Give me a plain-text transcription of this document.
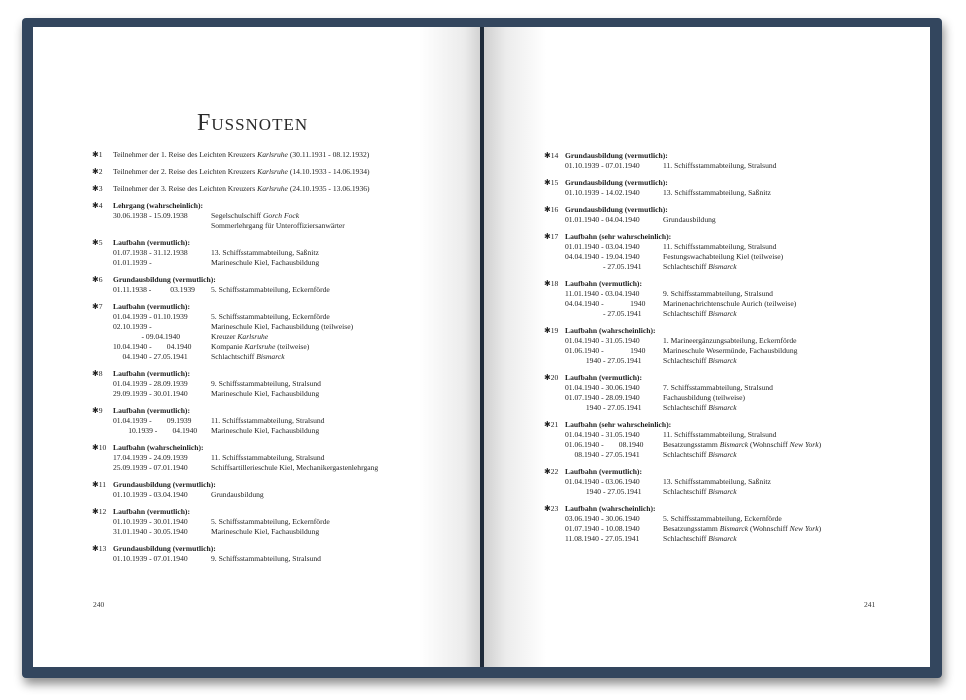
Fussnoten
✱1 Teilnehmer der 1. Reise des Leichten Kreuzers Karlsruhe (30.11.1931 - 08.12.1932)
✱2 Teilnehmer der 2. Reise des Leichten Kreuzers Karlsruhe (14.10.1933 - 14.06.1934)
✱3 Teilnehmer der 3. Reise des Leichten Kreuzers Karlsruhe (24.10.1935 - 13.06.1936)
✱4 Lehrgang (wahrscheinlich):
30.06.1938 - 15.09.1938	Segelschulschiff Gorch Fock
Sommerlehrgang für Unteroffiziersanwärter
✱5 Laufbahn (vermutlich):
01.07.1938 - 31.12.1938	13. Schiffsstammabteilung, Saßnitz
01.01.1939 -	Marineschule Kiel, Fachausbildung
✱6 Grundausbildung (vermutlich):
01.11.1938 -          03.1939	5. Schiffsstammabteilung, Eckernförde
✱7 Laufbahn (vermutlich):
01.04.1939 - 01.10.1939	5. Schiffsstammabteilung, Eckernförde
02.10.1939 -	Marineschule Kiel, Fachausbildung (teilweise)
- 09.04.1940	Kreuzer Karlsruhe
10.04.1940 -        04.1940	Kompanie Karlsruhe (teilweise)
04.1940 - 27.05.1941	Schlachtschiff Bismarck
✱8 Laufbahn (vermutlich):
01.04.1939 - 28.09.1939	9. Schiffsstammabteilung, Stralsund
29.09.1939 - 30.01.1940	Marineschule Kiel, Fachausbildung
✱9 Laufbahn (vermutlich):
01.04.1939 -        09.1939	11. Schiffsstammabteilung, Stralsund
10.1939 -        04.1940	Marineschule Kiel, Fachausbildung
✱10 Laufbahn (wahrscheinlich):
17.04.1939 - 24.09.1939	11. Schiffsstammabteilung, Stralsund
25.09.1939 - 07.01.1940	Schiffsartillerieschule Kiel, Mechanikergastenlehrgang
✱11 Grundausbildung (vermutlich):
01.10.1939 - 03.04.1940	Grundausbildung
✱12 Laufbahn (vermutlich):
01.10.1939 - 30.01.1940	5. Schiffsstammabteilung, Eckernförde
31.01.1940 - 30.05.1940	Marineschule Kiel, Fachausbildung
✱13 Grundausbildung (vermutlich):
01.10.1939 - 07.01.1940	9. Schiffsstammabteilung, Stralsund
✱14 Grundausbildung (vermutlich):
01.10.1939 - 07.01.1940	11. Schiffsstammabteilung, Stralsund
✱15 Grundausbildung (vermutlich):
01.10.1939 - 14.02.1940	13. Schiffsstammabteilung, Saßnitz
✱16 Grundausbildung (vermutlich):
01.01.1940 - 04.04.1940	Grundausbildung
✱17 Laufbahn (sehr wahrscheinlich):
01.01.1940 - 03.04.1940	11. Schiffsstammabteilung, Stralsund
04.04.1940 - 19.04.1940	Festungswachabteilung Kiel (teilweise)
- 27.05.1941	Schlachtschiff Bismarck
✱18 Laufbahn (vermutlich):
11.01.1940 - 03.04.1940	9. Schiffsstammabteilung, Stralsund
04.04.1940 -              1940	Marinenachrichtenschule Aurich (teilweise)
- 27.05.1941	Schlachtschiff Bismarck
✱19 Laufbahn (wahrscheinlich):
01.04.1940 - 31.05.1940	1. Marineergänzungsabteilung, Eckernförde
01.06.1940 -              1940	Marineschule Wesermünde, Fachausbildung
1940 - 27.05.1941	Schlachtschiff Bismarck
✱20 Laufbahn (vermutlich):
01.04.1940 - 30.06.1940	7. Schiffsstammabteilung, Stralsund
01.07.1940 - 28.09.1940	Fachausbildung (teilweise)
1940 - 27.05.1941	Schlachtschiff Bismarck
✱21 Laufbahn (sehr wahrscheinlich):
01.04.1940 - 31.05.1940	11. Schiffsstammabteilung, Stralsund
01.06.1940 -        08.1940	Besatzungsstamm Bismarck (Wohnschiff New York)
08.1940 - 27.05.1941	Schlachtschiff Bismarck
✱22 Laufbahn (vermutlich):
01.04.1940 - 03.06.1940	13. Schiffsstammabteilung, Saßnitz
1940 - 27.05.1941	Schlachtschiff Bismarck
✱23 Laufbahn (wahrscheinlich):
03.06.1940 - 30.06.1940	5. Schiffsstammabteilung, Eckernförde
01.07.1940 - 10.08.1940	Besatzungsstamm Bismarck (Wohnschiff New York)
11.08.1940 - 27.05.1941	Schlachtschiff Bismarck
240	241
